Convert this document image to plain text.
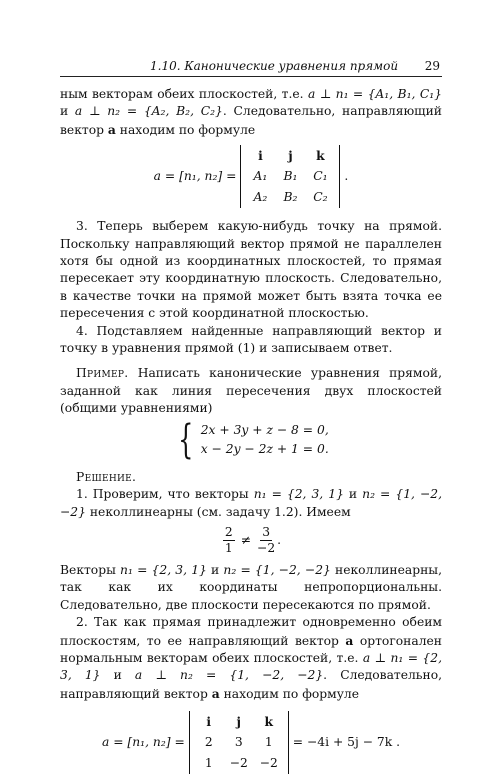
1.10. Канонические уравнения прямой 29

ным векторам обеих плоскостей, т.е. a ⊥ n₁ = {A₁, B₁, C₁} и a ⊥ n₂ = {A₂, B₂, C₂}. Следовательно, направляющий вектор a находим по формуле

a = [n₁, n₂] =
i	j	k
A₁	B₁	C₁
A₂	B₂	C₂
.

3. Теперь выберем какую-нибудь точку на прямой. Поскольку направляющий вектор прямой не параллелен хотя бы одной из координатных плоскостей, то прямая пересекает эту координатную плоскость. Следовательно, в качестве точки на прямой может быть взята точка ее пересечения с этой координатной плоскостью.

4. Подставляем найденные направляющий вектор и точку в уравнения прямой (1) и записываем ответ.

Пример. Написать канонические уравнения прямой, заданной как линия пересечения двух плоскостей (общими уравнениями)

{ 2x + 3y + z − 8 = 0,
x − 2y − 2z + 1 = 0.

Решение.

1. Проверим, что векторы n₁ = {2, 3, 1} и n₂ = {1, −2, −2} неколлинеарны (см. задачу 1.2). Имеем

$\frac{2}{1} \ne \frac{3}{-2}$ .

Векторы n₁ = {2, 3, 1} и n₂ = {1, −2, −2} неколлинеарны, так как их координаты непропорциональны. Следовательно, две плоскости пересекаются по прямой.

2. Так как прямая принадлежит одновременно обеим плоскостям, то ее направляющий вектор a ортогонален нормальным векторам обеих плоскостей, т.е. a ⊥ n₁ = {2, 3, 1} и a ⊥ n₂ = {1, −2, −2}. Следовательно, направляющий вектор a находим по формуле

a = [n₁, n₂] =
i	j	k
2	3	1
1	−2 −2
= −4i + 5j − 7k .
